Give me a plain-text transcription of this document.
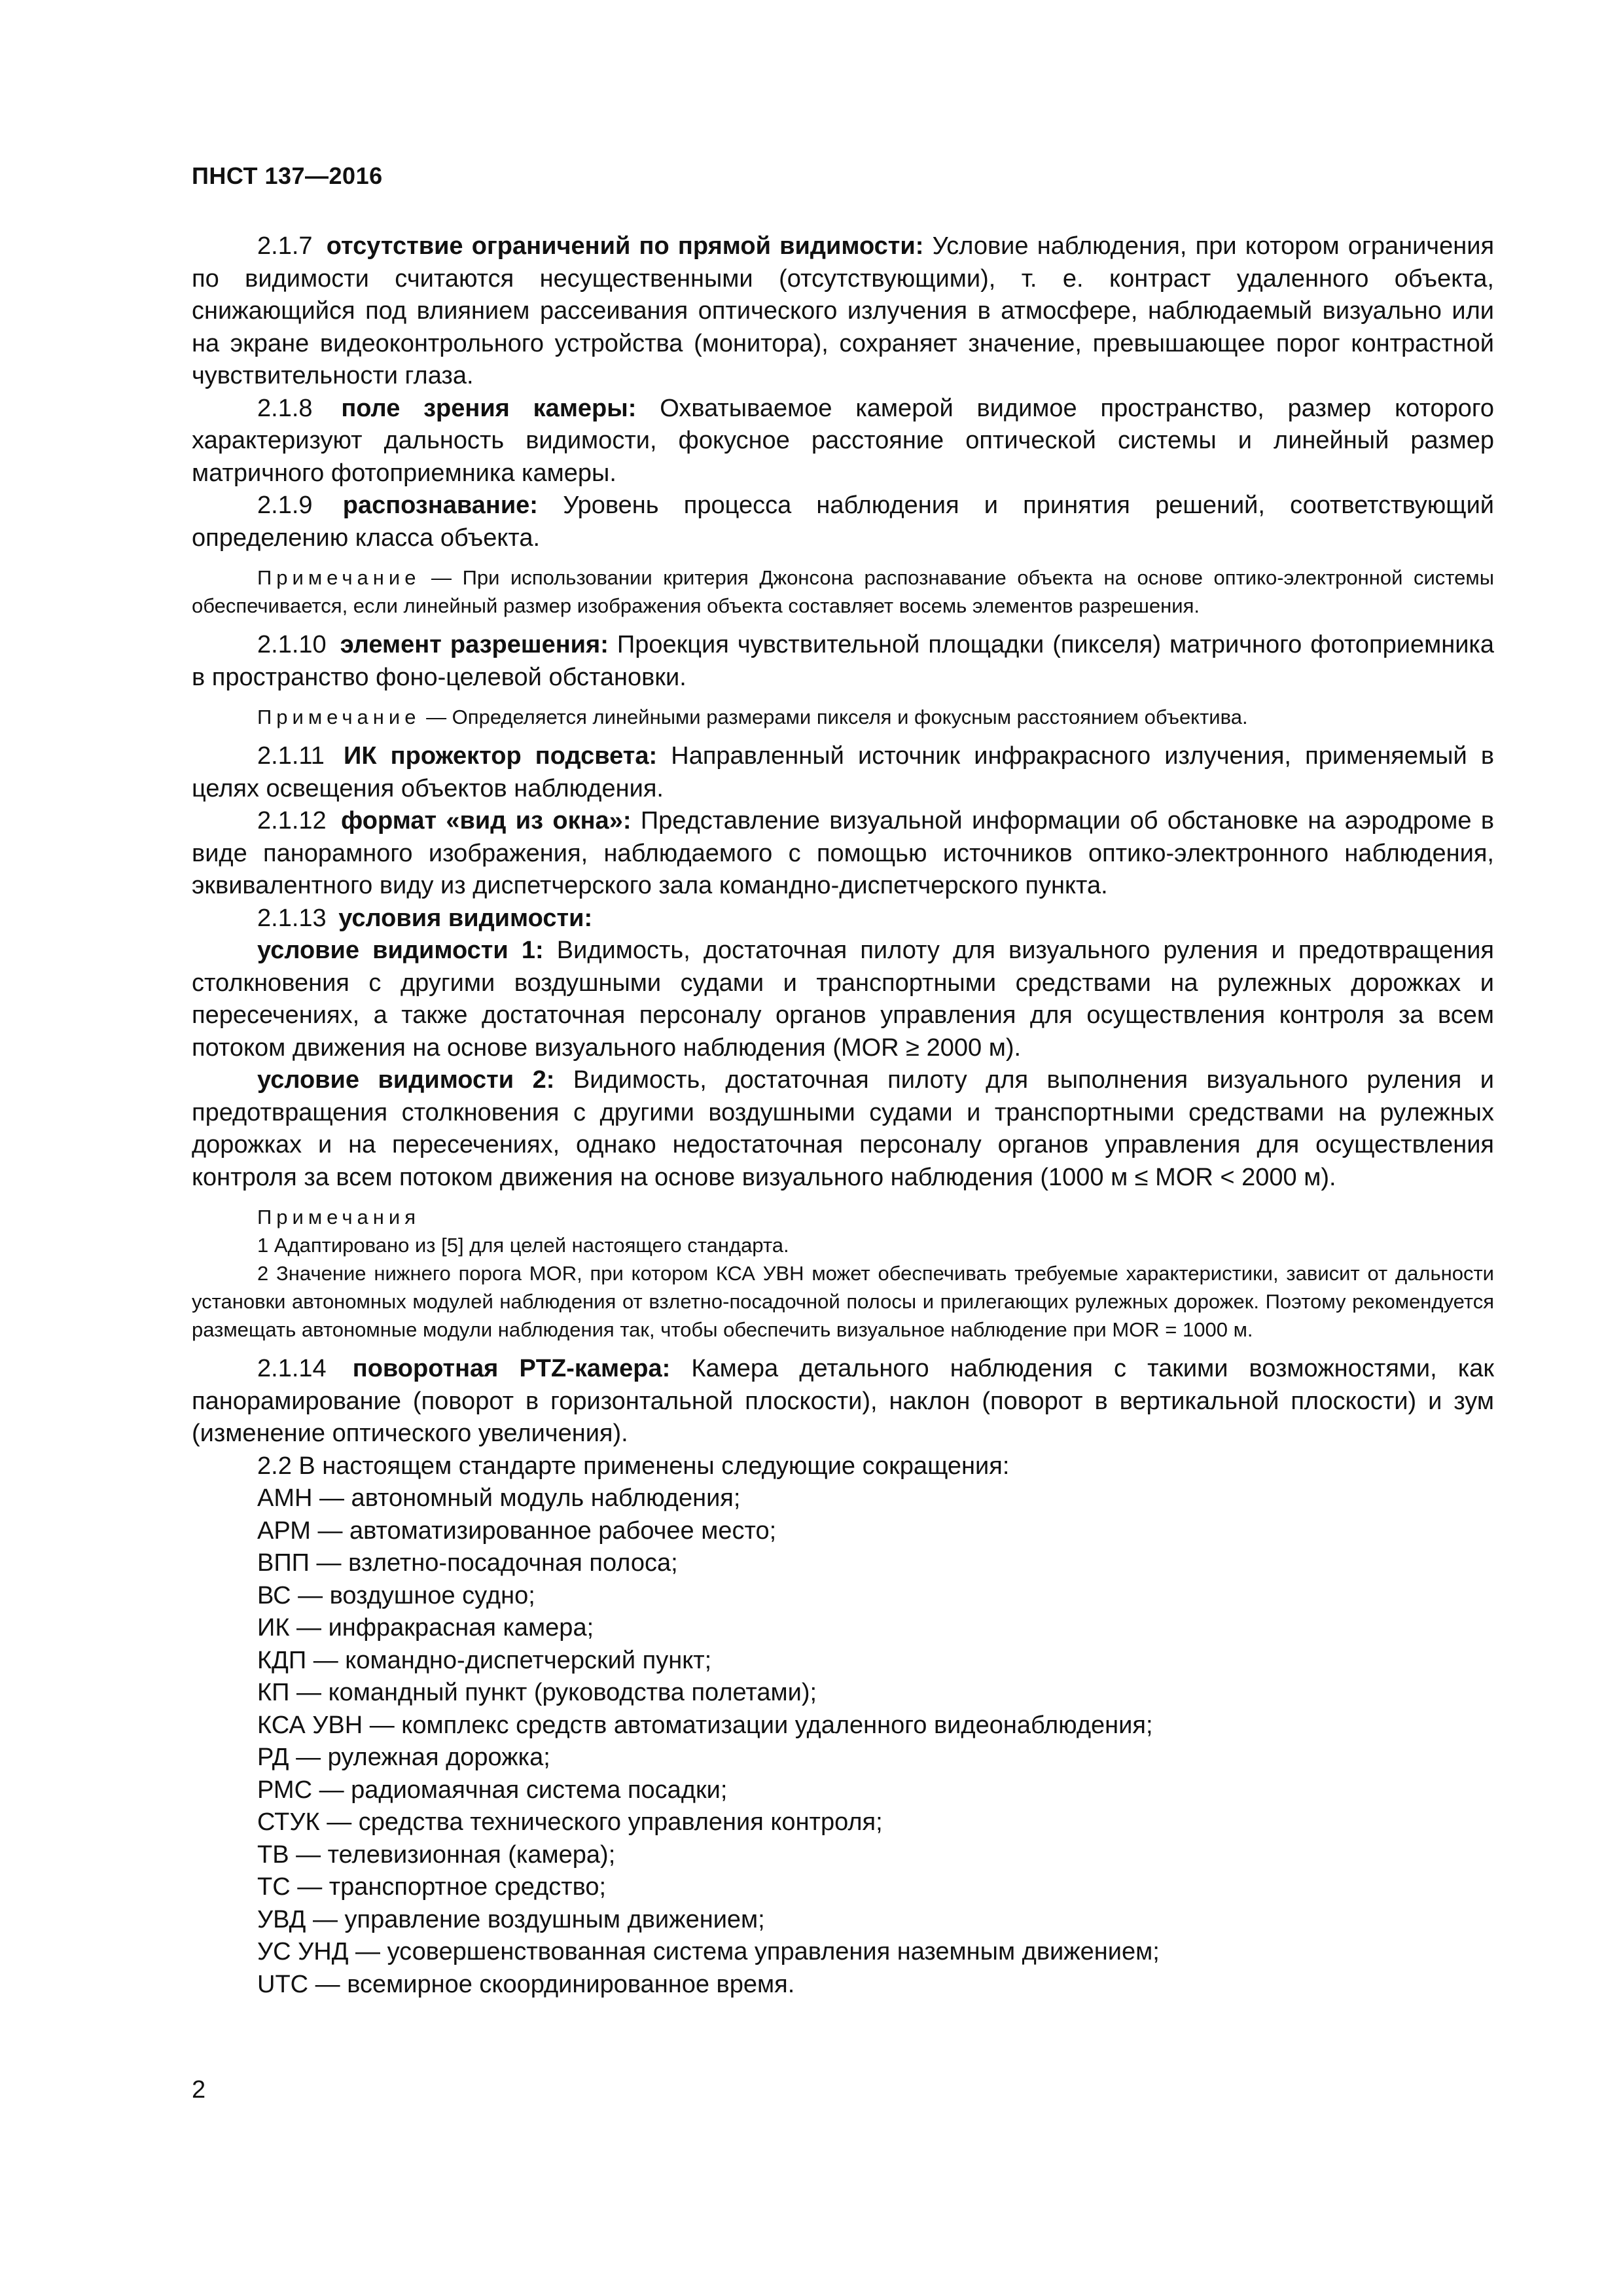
ПНСТ 137—2016

2.1.7 отсутствие ограничений по прямой видимости: Условие наблюдения, при котором ограничения по видимости считаются несущественными (отсутствующими), т. е. контраст удаленного объекта, снижающийся под влиянием рассеивания оптического излучения в атмосфере, наблюдаемый визуально или на экране видеоконтрольного устройства (монитора), сохраняет значение, превышающее порог контрастной чувствительности глаза.

2.1.8 поле зрения камеры: Охватываемое камерой видимое пространство, размер которого характеризуют дальность видимости, фокусное расстояние оптической системы и линейный размер матричного фотоприемника камеры.

2.1.9 распознавание: Уровень процесса наблюдения и принятия решений, соответствующий определению класса объекта.

Примечание — При использовании критерия Джонсона распознавание объекта на основе оптико-электронной системы обеспечивается, если линейный размер изображения объекта составляет восемь элементов разрешения.

2.1.10 элемент разрешения: Проекция чувствительной площадки (пикселя) матричного фотоприемника в пространство фоно-целевой обстановки.

Примечание — Определяется линейными размерами пикселя и фокусным расстоянием объектива.

2.1.11 ИК прожектор подсвета: Направленный источник инфракрасного излучения, применяемый в целях освещения объектов наблюдения.

2.1.12 формат «вид из окна»: Представление визуальной информации об обстановке на аэродроме в виде панорамного изображения, наблюдаемого с помощью источников оптико-электронного наблюдения, эквивалентного виду из диспетчерского зала командно-диспетчерского пункта.

2.1.13 условия видимости:

условие видимости 1: Видимость, достаточная пилоту для визуального руления и предотвращения столкновения с другими воздушными судами и транспортными средствами на рулежных дорожках и пересечениях, а также достаточная персоналу органов управления для осуществления контроля за всем потоком движения на основе визуального наблюдения (MOR ≥ 2000 м).

условие видимости 2: Видимость, достаточная пилоту для выполнения визуального руления и предотвращения столкновения с другими воздушными судами и транспортными средствами на рулежных дорожках и на пересечениях, однако недостаточная персоналу органов управления для осуществления контроля за всем потоком движения на основе визуального наблюдения (1000 м ≤ MOR < 2000 м).

Примечания

1 Адаптировано из [5] для целей настоящего стандарта.

2 Значение нижнего порога MOR, при котором КСА УВН может обеспечивать требуемые характеристики, зависит от дальности установки автономных модулей наблюдения от взлетно-посадочной полосы и прилегающих рулежных дорожек. Поэтому рекомендуется размещать автономные модули наблюдения так, чтобы обеспечить визуальное наблюдение при MOR = 1000 м.

2.1.14 поворотная PTZ-камера: Камера детального наблюдения с такими возможностями, как панорамирование (поворот в горизонтальной плоскости), наклон (поворот в вертикальной плоскости) и зум (изменение оптического увеличения).

2.2 В настоящем стандарте применены следующие сокращения:

АМН — автономный модуль наблюдения;

АРМ — автоматизированное рабочее место;

ВПП — взлетно-посадочная полоса;

ВС — воздушное судно;

ИК — инфракрасная камера;

КДП — командно-диспетчерский пункт;

КП — командный пункт (руководства полетами);

КСА УВН — комплекс средств автоматизации удаленного видеонаблюдения;

РД — рулежная дорожка;

РМС — радиомаячная система посадки;

СТУК — средства технического управления контроля;

ТВ — телевизионная (камера);

ТС — транспортное средство;

УВД — управление воздушным движением;

УС УНД — усовершенствованная система управления наземным движением;

UTC — всемирное скоординированное время.

2
